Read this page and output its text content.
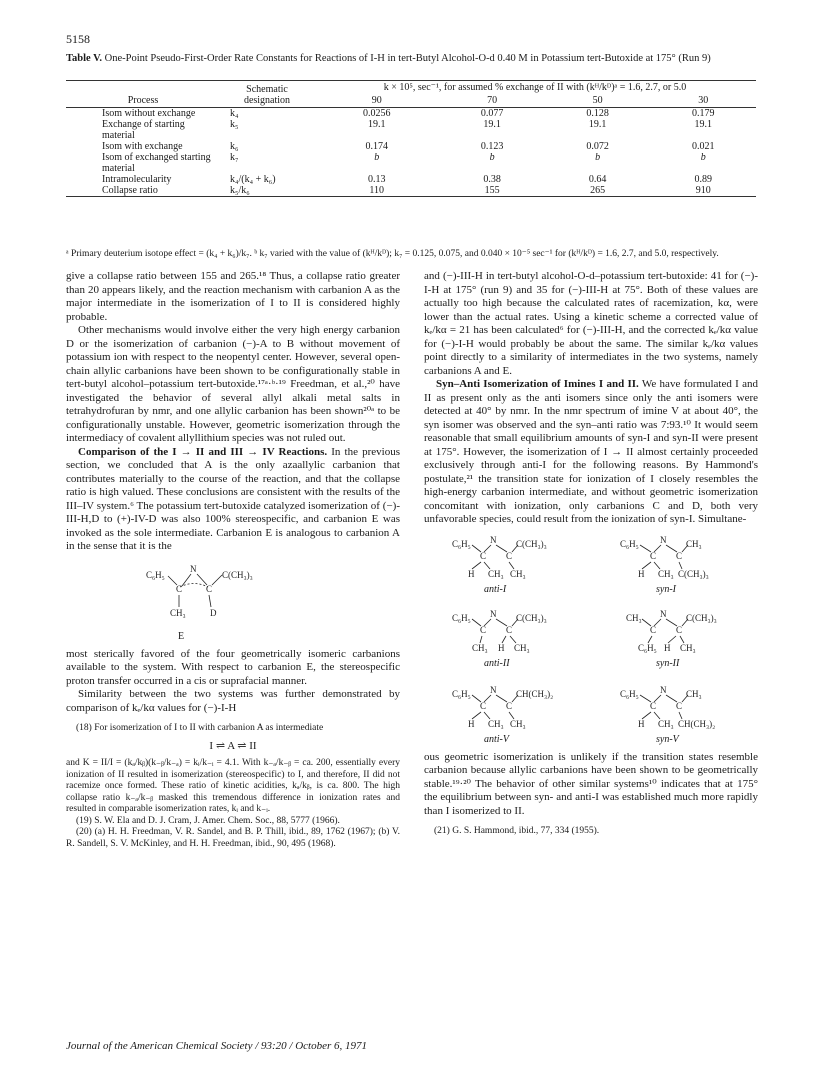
5158
Table V. One-Point Pseudo-First-Order Rate Constants for Reactions of I-H in tert-Butyl Alcohol-O-d 0.40 M in Potassium tert-Butoxide at 175° (Run 9)
Process	Schematic designation	k × 10⁵, sec⁻¹, for assumed % exchange of II with (kᴴ/kᴰ)ᵃ = 1.6, 2.7, or 5.0			
		90	70	50	30
Isom without exchange	k₄	0.0256	0.077	0.128	0.179
Exchange of starting material	k₅	19.1	19.1	19.1	19.1
Isom with exchange	k₆	0.174	0.123	0.072	0.021
Isom of exchanged starting material	k₇	b	b	b	b
Intramolecularity	k₄/(k₄ + k₆)	0.13	0.38	0.64	0.89
Collapse ratio	k₅/k₆	110	155	265	910
ᵃ Primary deuterium isotope effect = (k₄ + k₆)/k₇. ᵇ k₇ varied with the value of (kᴴ/kᴰ); k₇ = 0.125, 0.075, and 0.040 × 10⁻⁵ sec⁻¹ for (kᴴ/kᴰ) = 1.6, 2.7, and 5.0, respectively.

give a collapse ratio between 155 and 265.¹⁸ Thus, a collapse ratio greater than 20 appears likely, and the reaction mechanism with carbanion A as the major intermediate in the isomerization of I to II is considered highly probable.

Other mechanisms would involve either the very high energy carbanion D or the isomerization of carbanion (−)-A to B without movement of potassium ion with respect to the neopentyl center. However, several open-chain allylic carbanions have been shown to be configurationally stable in tert-butyl alcohol–potassium tert-butoxide.¹⁷ᵃ·ᵇ·¹⁹ Freedman, et al.,²⁰ have investigated the behavior of several allyl alkali metal salts in tetrahydrofuran by nmr, and one allylic carbanion has been shown²⁰ᵃ to be configurationally unstable. However, geometric isomerization through the intermediacy of covalent allyllithium species was not ruled out.

Comparison of the I → II and III → IV Reactions. In the previous section, we concluded that A is the only azaallylic carbanion that contributes materially to the course of the reaction, and that the collapse ratio is high valued. These conclusions are consistent with the results of the III–IV system.⁶ The potassium tert-butoxide catalyzed isomerization of (−)-III-H,D to (+)-IV-D was also 100% stereospecific, and carbanion E was invoked as the sole intermediate. Carbanion E is analogous to carbanion A in the sense that it is the

C₆H₅
N
C(CH₃)₃
C	C
CH₃	D
E

most sterically favored of the four geometrically isomeric carbanions available to the system. With respect to carbanion E, the stereospecific proton transfer occurred in a cis or suprafacial manner.

Similarity between the two systems was further demonstrated by comparison of kₑ/kα values for (−)-I-H

(18) For isomerization of I to II with carbanion A as intermediate

I ⇌ A ⇌ II

and K = II/I = (kₐ/kᵦ)(k₋ᵦ/k₋ₐ) = kᵢ/k₋ᵢ = 4.1. With k₋ₐ/k₋ᵦ = ca. 200, essentially every ionization of II resulted in isomerization (stereospecific) to I, and therefore, II did not racemize once formed. These ratio of kinetic acidities, kₐ/kᵦ, is ca. 800. The high collapse ratio k₋ₐ/k₋ᵦ masked this tremendous difference in ionization rates and resulted in comparable isomerization rates, kᵢ and k₋ᵢ.

(19) S. W. Ela and D. J. Cram, J. Amer. Chem. Soc., 88, 5777 (1966).

(20) (a) H. H. Freedman, V. R. Sandel, and B. P. Thill, ibid., 89, 1762 (1967); (b) V. R. Sandell, S. V. McKinley, and H. H. Freedman, ibid., 90, 495 (1968).

and (−)-III-H in tert-butyl alcohol-O-d–potassium tert-butoxide: 41 for (−)-I-H at 175° (run 9) and 35 for (−)-III-H at 75°. Both of these values are actually too high because the calculated rates of racemization, kα, were lower than the actual rates. Using a kinetic scheme a corrected value of kₑ/kα = 21 has been calculated⁶ for (−)-III-H, and the corrected kₑ/kα value for (−)-I-H would probably be about the same. The similar kₑ/kα values point directly to a similarity of intermediates in the two systems, namely carbanions A and E.

Syn–Anti Isomerization of Imines I and II. We have formulated I and II as present only as the anti isomers since only the anti isomers were detected at 40° by nmr. In the nmr spectrum of imine V at about 40°, the syn isomer was observed and the syn–anti ratio was 7:93.¹⁰ It would seem reasonable that small equilibrium amounts of syn-I and syn-II were present at 175°. However, the isomerization of I → II almost certainly proceeded exclusively through anti-I for the following reasons. By Hammond's postulate,²¹ the transition state for ionization of I closely resembles the high-energy carbanion intermediate, and without geometric isomerization concomitant with ionization, only carbanions C and D, both very unfavorable species, could result from the ionization of syn-I. Simultane-

C₆H₅ N C(CH₃)₃
C C
H CH₃ CH₃
C₆H₅ N CH₃
C C
H CH₃ C(CH₃)₃
C₆H₅ N C(CH₃)₃
C C
CH₃ H CH₃
CH₃ N C(CH₃)₃
C C
C₆H₅ H CH₃
C₆H₅ N CH(CH₃)₂
C C
H CH₃ CH₃
C₆H₅ N CH₃
C C
H CH₃ CH(CH₃)₂
anti-I	syn-I
anti-II	syn-II
anti-V	syn-V

ous geometric isomerization is unlikely if the transition states resemble carbanion because allylic carbanions have been shown to be geometrically stable.¹⁹·²⁰ The behavior of other similar systems¹⁰ indicates that at 175° the equilibrium between syn- and anti-I was established much more rapidly than I isomerized to II.

(21) G. S. Hammond, ibid., 77, 334 (1955).

Journal of the American Chemical Society / 93:20 / October 6, 1971
